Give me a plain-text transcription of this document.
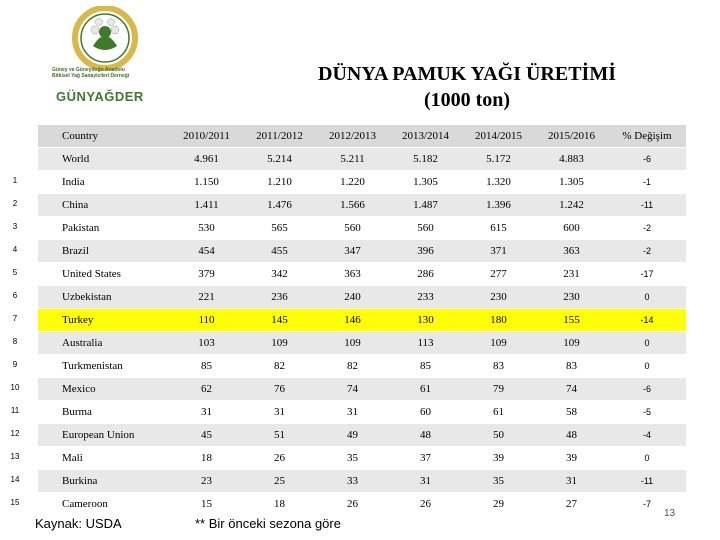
Güney ve Güneydoğu Anadolu
Bitkisel Yağ Sanayicileri Derneği
GÜNYAĞDER
DÜNYA PAMUK YAĞI ÜRETİMİ
(1000 ton)
Country	2010/2011	2011/2012	2012/2013	2013/2014	2014/2015	2015/2016	% Değişim

World	4.961	5.214	5.211	5.182	5.172	4.883	-6

1 India	1.150	1.210	1.220	1.305	1.320	1.305	-1

2 China	1.411	1.476	1.566	1.487	1.396	1.242	-11

3 Pakistan	530	565	560	560	615	600	-2

4 Brazil	454	455	347	396	371	363	-2

5 United States	379	342	363	286	277	231	-17

6 Uzbekistan	221	236	240	233	230	230	0

7 Turkey	110	145	146	130	180	155	-14

8 Australia	103	109	109	113	109	109	0

9 Turkmenistan	85	82	82	85	83	83	0

10 Mexico	62	76	74	61	79	74	-6

11 Burma	31	31	31	60	61	58	-5

12 European Union	45	51	49	48	50	48	-4

13 Mali	18	26	35	37	39	39	0

14 Burkina	23	25	33	31	35	31	-11

15 Cameroon	15	18	26	26	29	27	-7
Kaynak: USDA	** Bir önceki sezona göre
13
